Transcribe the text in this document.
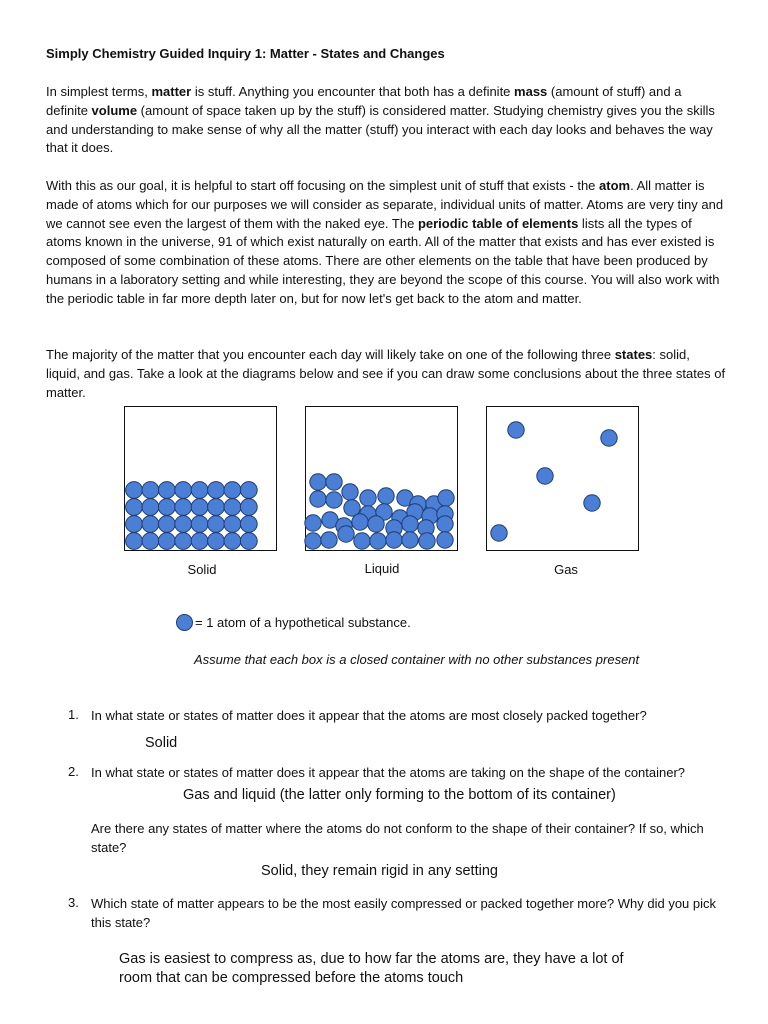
Simply Chemistry Guided Inquiry 1: Matter - States and Changes

In simplest terms, matter is stuff. Anything you encounter that both has a definite mass (amount of stuff) and a definite volume (amount of space taken up by the stuff) is considered matter. Studying chemistry gives you the skills and understanding to make sense of why all the matter (stuff) you interact with each day looks and behaves the way that it does.

With this as our goal, it is helpful to start off focusing on the simplest unit of stuff that exists - the atom. All matter is made of atoms which for our purposes we will consider as separate, individual units of matter. Atoms are very tiny and we cannot see even the largest of them with the naked eye. The periodic table of elements lists all the types of atoms known in the universe, 91 of which exist naturally on earth. All of the matter that exists and has ever existed is composed of some combination of these atoms. There are other elements on the table that have been produced by humans in a laboratory setting and while interesting, they are beyond the scope of this course. You will also work with the periodic table in far more depth later on, but for now let's get back to the atom and matter.

The majority of the matter that you encounter each day will likely take on one of the following three states: solid, liquid, and gas. Take a look at the diagrams below and see if you can draw some conclusions about the three states of matter.

Solid	Liquid	Gas
= 1 atom of a hypothetical substance.
Assume that each box is a closed container with no other substances present
1. In what state or states of matter does it appear that the atoms are most closely packed together?

Solid
2. In what state or states of matter does it appear that the atoms are taking on the shape of the container?

Gas and liquid (the latter only forming to the bottom of its container)

Are there any states of matter where the atoms do not conform to the shape of their container? If so, which state?

Solid, they remain rigid in any setting
3. Which state of matter appears to be the most easily compressed or packed together more? Why did you pick this state?

Gas is easiest to compress as, due to how far the atoms are, they have a lot of room that can be compressed before the atoms touch
